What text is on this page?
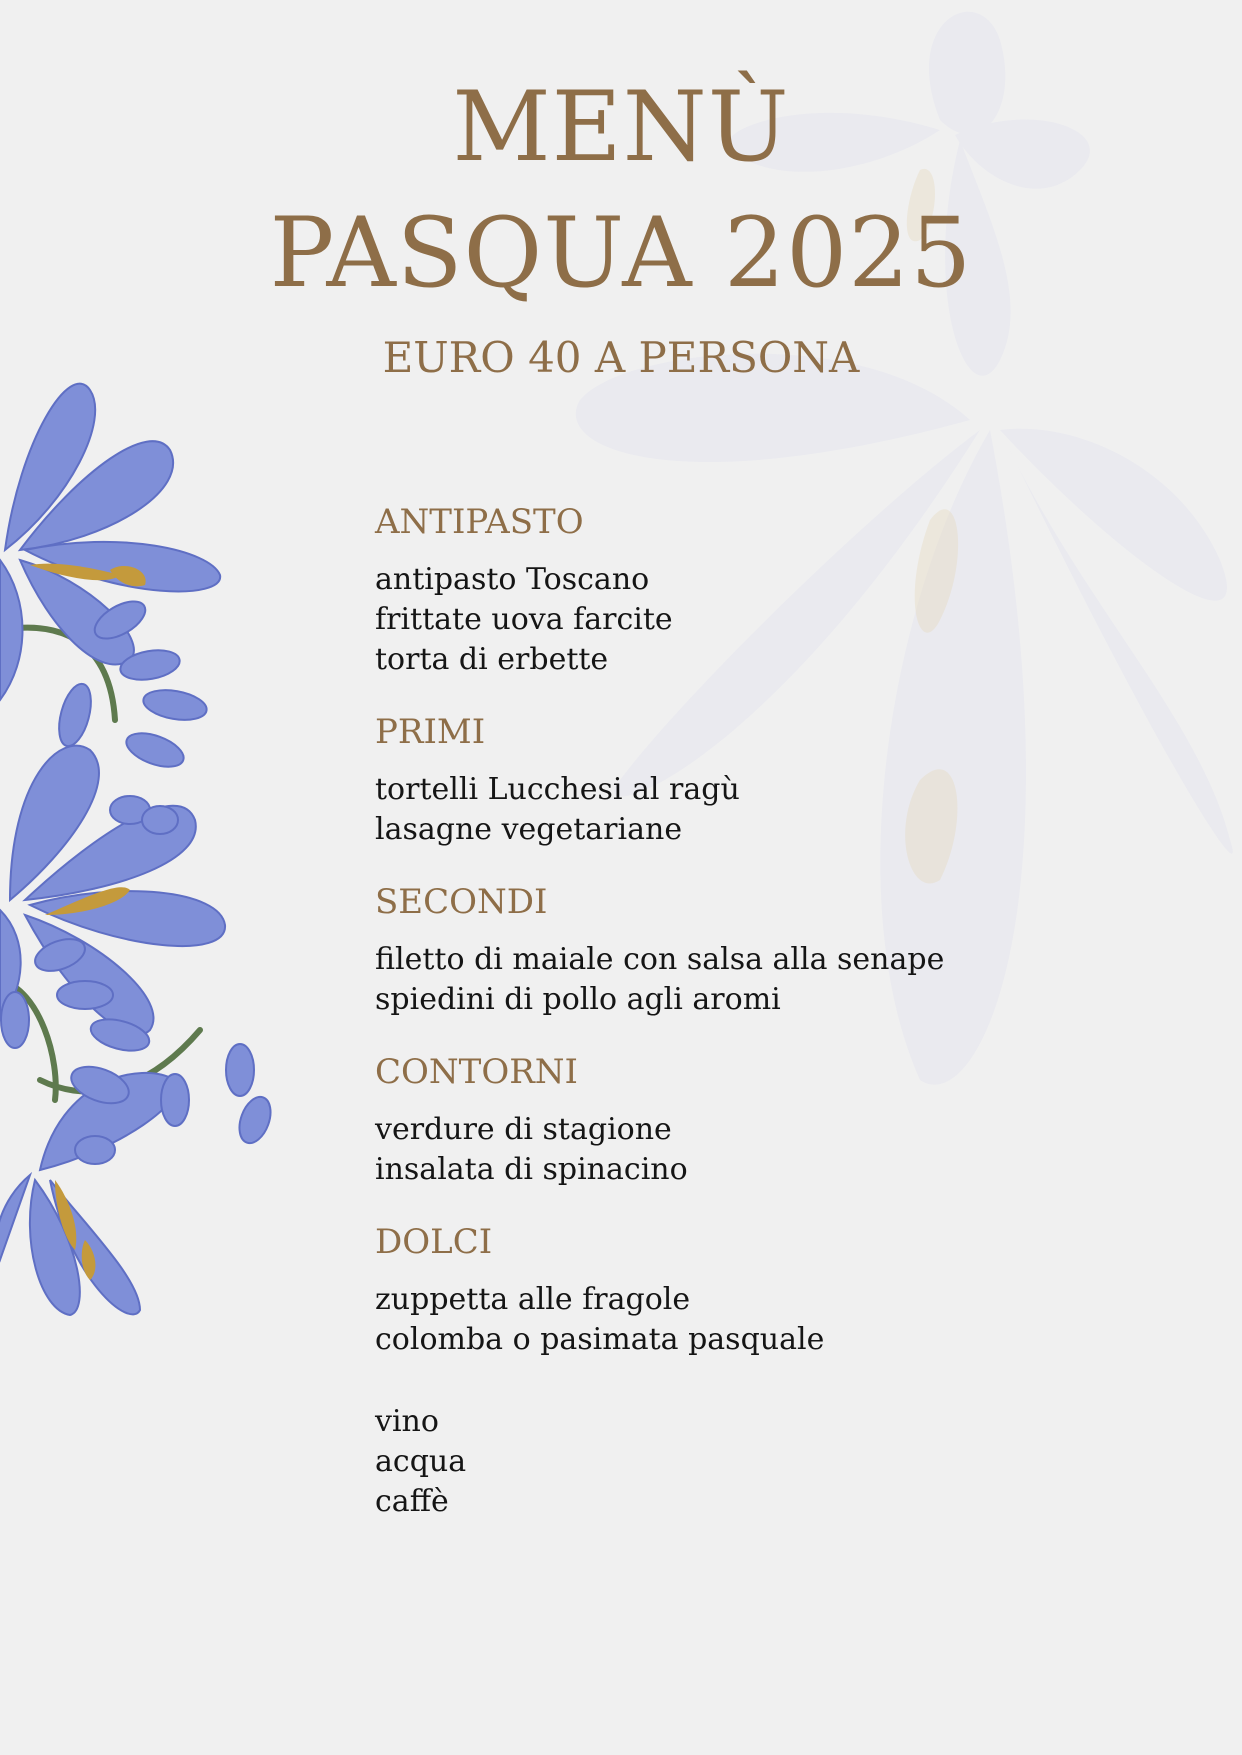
MENÙ
PASQUA 2025
EURO 40 A PERSONA
ANTIPASTO
antipasto Toscano
frittate uova farcite
torta di erbette
PRIMI
tortelli Lucchesi al ragù
lasagne vegetariane
SECONDI
filetto di maiale con salsa alla senape
spiedini di pollo agli aromi
CONTORNI
verdure di stagione
insalata di spinacino
DOLCI
zuppetta alle fragole
colomba o pasimata pasquale
vino
acqua
caffè
